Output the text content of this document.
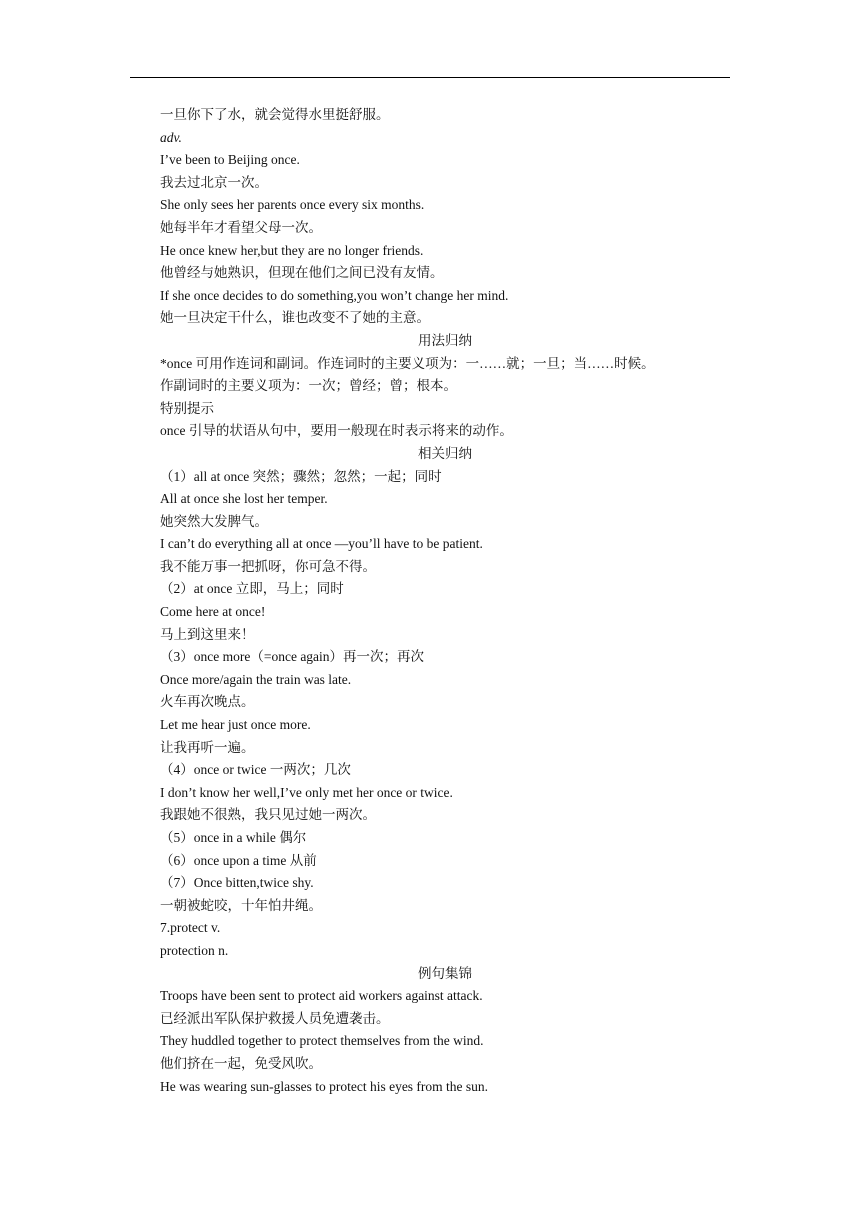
一旦你下了水，就会觉得水里挺舒服。
adv.
I’ve been to Beijing once.
我去过北京一次。
She only sees her parents once every six months.
她每半年才看望父母一次。
He once knew her,but they are no longer friends.
他曾经与她熟识，但现在他们之间已没有友情。
If she once decides to do something,you won’t change her mind.
她一旦决定干什么，谁也改变不了她的主意。
用法归纳
*once 可用作连词和副词。作连词时的主要义项为：一……就；一旦；当……时候。
作副词时的主要义项为：一次；曾经；曾；根本。
特别提示
once 引导的状语从句中，要用一般现在时表示将来的动作。
相关归纳
（1）all at once 突然；骤然；忽然；一起；同时
All at once she lost her temper.
她突然大发脾气。
I can’t do everything all at once —you’ll have to be patient.
我不能万事一把抓呀，你可急不得。
（2）at once 立即，马上；同时
Come here at once!
马上到这里来！
（3）once more（=once again）再一次；再次
Once more/again the train was late.
火车再次晚点。
Let me hear just once more.
让我再听一遍。
（4）once or twice 一两次；几次
I don’t know her well,I’ve only met her once or twice.
我跟她不很熟，我只见过她一两次。
（5）once in a while 偶尔
（6）once upon a time 从前
（7）Once bitten,twice shy.
一朝被蛇咬，十年怕井绳。
7.protect v.
protection n.
例句集锦
Troops have been sent to protect aid workers against attack.
已经派出军队保护救援人员免遭袭击。
They huddled together to protect themselves from the wind.
他们挤在一起，免受风吹。
He was wearing sun-glasses to protect his eyes from the sun.
